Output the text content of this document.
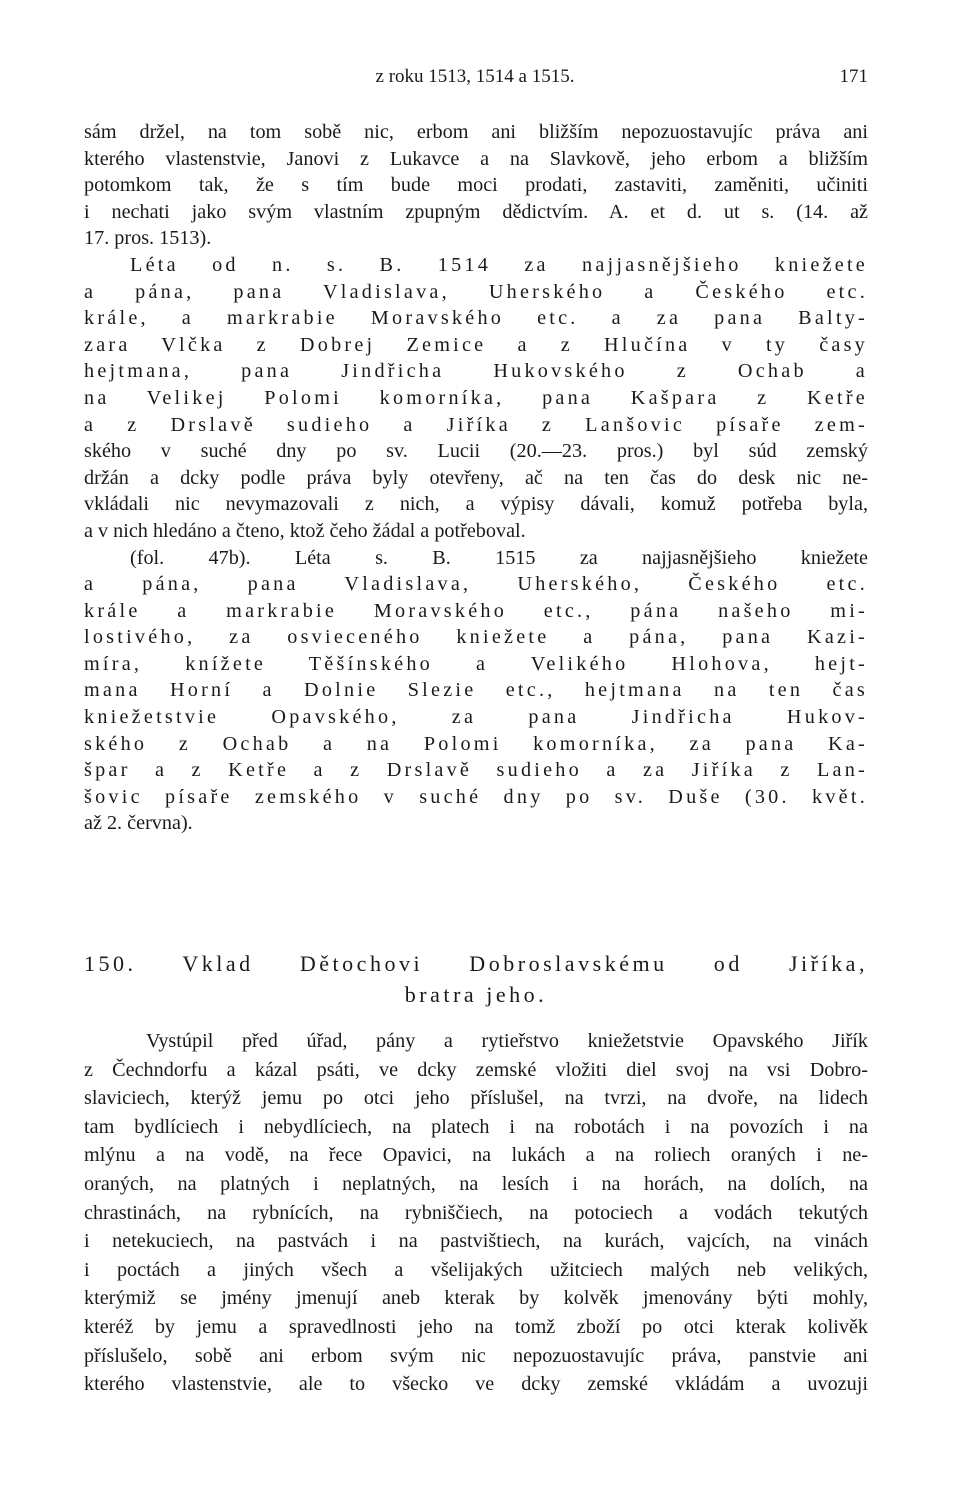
z roku 1513, 1514 a 1515.	171
sám držel, na tom sobě nic, erbom ani bližším nepozuostavujíc práva ani
kterého vlastenstvie, Janovi z Lukavce a na Slavkově, jeho erbom a bližším
potomkom tak, že s tím bude moci prodati, zastaviti, zaměniti, učiniti
i nechati jako svým vlastním zpupným dědictvím. A. et d. ut s. (14. až
17. pros. 1513).
Léta od n. s. B. 1514 za najjasnějšieho kniežete
a pána, pana Vladislava, Uherského a Českého etc.
krále, a markrabie Moravského etc. a za pana Balty-
zara Vlčka z Dobrej Zemice a z Hlučína v ty časy
hejtmana, pana Jindřicha Hukovského z Ochab a
na Velikej Polomi komorníka, pana Kašpara z Ketře
a z Drslavě sudieho a Jiříka z Lanšovic písaře zem-
ského v suché dny po sv. Lucii (20.—23. pros.) byl súd zemský
držán a dcky podle práva byly otevřeny, ač na ten čas do desk nic ne-
vkládali nic nevymazovali z nich, a výpisy dávali, komuž potřeba byla,
a v nich hledáno a čteno, ktož čeho žádal a potřeboval.
(fol. 47b). Léta s. B. 1515 za najjasnějšieho kniežete
a pána, pana Vladislava, Uherského, Českého etc.
krále a markrabie Moravského etc., pána našeho mi-
lostivého, za osvieceného kniežete a pána, pana Kazi-
míra, knížete Těšínského a Velikého Hlohova, hejt-
mana Horní a Dolnie Slezie etc., hejtmana na ten čas
kniežetstvie Opavského, za pana Jindřicha Hukov-
ského z Ochab a na Polomi komorníka, za pana Ka-
špar a z Ketře a z Drslavě sudieho a za Jiříka z Lan-
šovic písaře zemského v suché dny po sv. Duše (30. květ.
až 2. června).
150. Vklad Dětochovi Dobroslavskému od Jiříka,
bratra jeho.
Vystúpil před úřad, pány a rytieřstvo kniežetstvie Opavského Jiřík
z Čechndorfu a kázal psáti, ve dcky zemské vložiti diel svoj na vsi Dobro-
slaviciech, kterýž jemu po otci jeho příslušel, na tvrzi, na dvoře, na lidech
tam bydlíciech i nebydlíciech, na platech i na robotách i na povozích i na
mlýnu a na vodě, na řece Opavici, na lukách a na roliech oraných i ne-
oraných, na platných i neplatných, na lesích i na horách, na dolích, na
chrastinách, na rybnících, na rybniščiech, na potociech a vodách tekutých
i netekuciech, na pastvách i na pastvištiech, na kurách, vajcích, na vinách
i poctách a jiných všech a všelijakých užitciech malých neb velikých,
kterýmiž se jmény jmenují aneb kterak by kolvěk jmenovány býti mohly,
kteréž by jemu a spravedlnosti jeho na tomž zboží po otci kterak kolivěk
příslušelo, sobě ani erbom svým nic nepozuostavujíc práva, panstvie ani
kterého vlastenstvie, ale to všecko ve dcky zemské vkládám a uvozuji
